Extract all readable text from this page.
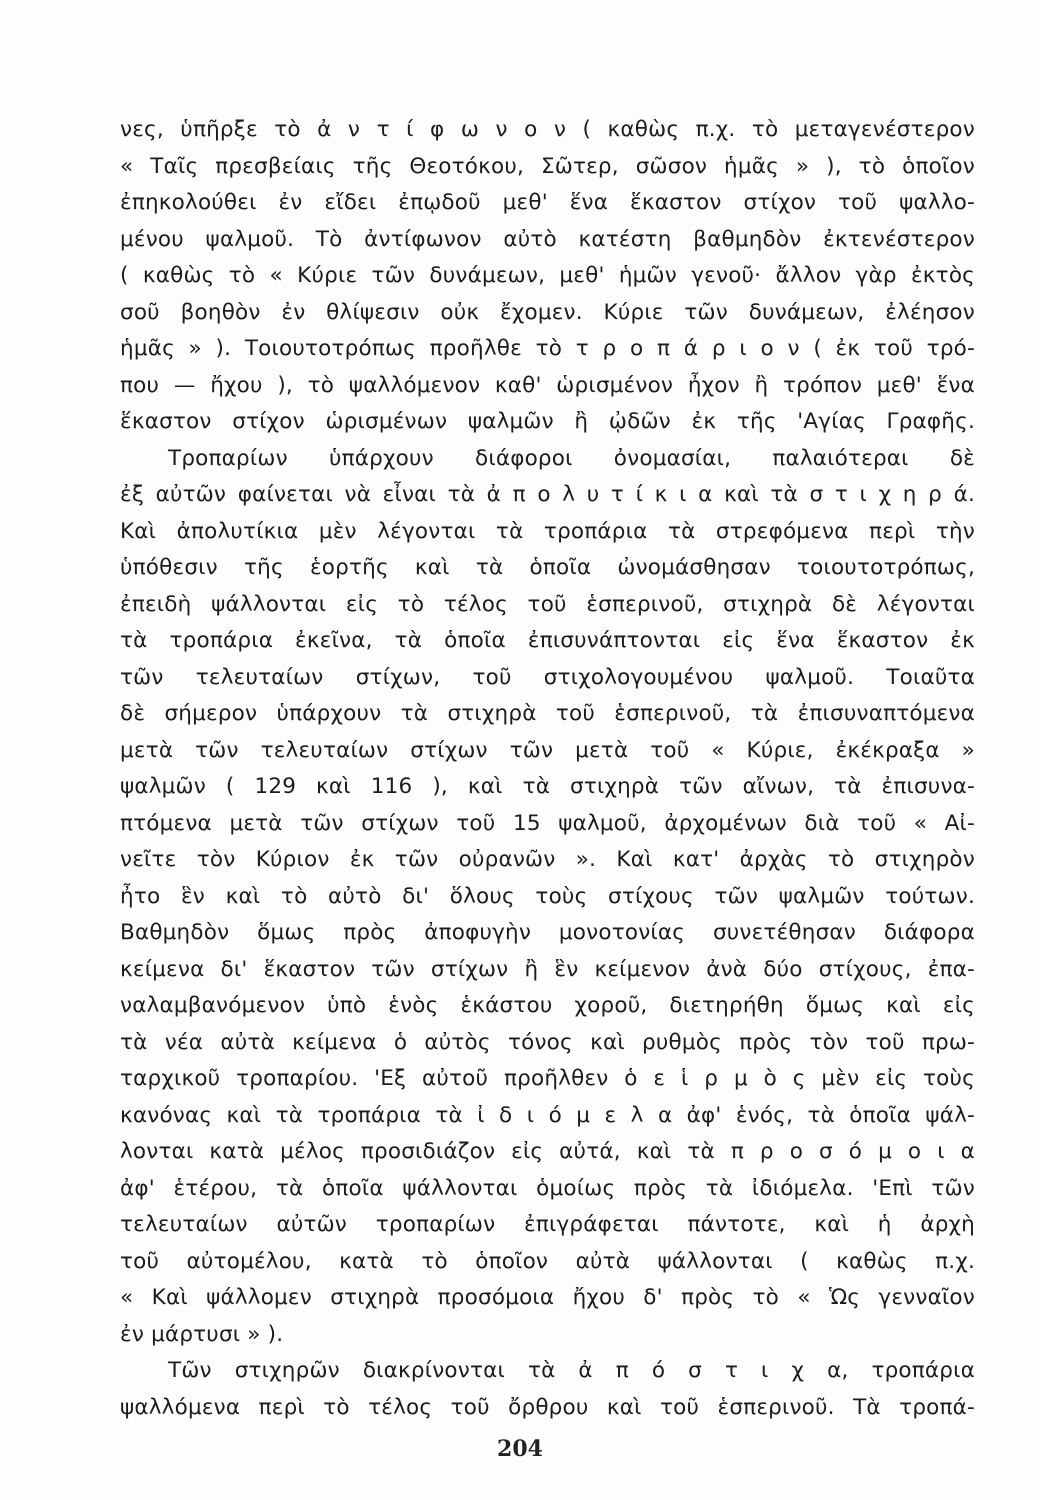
νες, ὑπῆρξε τὸ ἀ ν τ ί φ ω ν ο ν ( καθὼς π.χ. τὸ μεταγενέστερον
« Ταῖς πρεσβείαις τῆς Θεοτόκου, Σῶτερ, σῶσον ἡμᾶς » ), τὸ ὁποῖον
ἐπηκολούθει ἐν εἴδει ἐπῳδοῦ μεθ' ἕνα ἕκαστον στίχον τοῦ ψαλλο-
μένου ψαλμοῦ. Τὸ ἀντίφωνον αὐτὸ κατέστη βαθμηδὸν ἐκτενέστερον
( καθὼς τὸ « Κύριε τῶν δυνάμεων, μεθ' ἡμῶν γενοῦ· ἄλλον γὰρ ἐκτὸς
σοῦ βοηθὸν ἐν θλίψεσιν οὐκ ἔχομεν. Κύριε τῶν δυνάμεων, ἐλέησον
ἡμᾶς » ). Τοιουτοτρόπως προῆλθε τὸ τ ρ ο π ά ρ ι ο ν ( ἐκ τοῦ τρό-
που — ἤχου ), τὸ ψαλλόμενον καθ' ὡρισμένον ἦχον ἢ τρόπον μεθ' ἕνα
ἕκαστον στίχον ὡρισμένων ψαλμῶν ἢ ᾠδῶν ἐκ τῆς 'Αγίας Γραφῆς.
Τροπαρίων ὑπάρχουν διάφοροι ὀνομασίαι, παλαιότεραι δὲ
ἐξ αὐτῶν φαίνεται νὰ εἶναι τὰ ἀ π ο λ υ τ ί κ ι α καὶ τὰ σ τ ι χ η ρ ά.
Καὶ ἀπολυτίκια μὲν λέγονται τὰ τροπάρια τὰ στρεφόμενα περὶ τὴν
ὑπόθεσιν τῆς ἑορτῆς καὶ τὰ ὁποῖα ὠνομάσθησαν τοιουτοτρόπως,
ἐπειδὴ ψάλλονται εἰς τὸ τέλος τοῦ ἑσπερινοῦ, στιχηρὰ δὲ λέγονται
τὰ τροπάρια ἐκεῖνα, τὰ ὁποῖα ἐπισυνάπτονται εἰς ἕνα ἕκαστον ἐκ
τῶν τελευταίων στίχων, τοῦ στιχολογουμένου ψαλμοῦ. Τοιαῦτα
δὲ σήμερον ὑπάρχουν τὰ στιχηρὰ τοῦ ἑσπερινοῦ, τὰ ἐπισυναπτόμενα
μετὰ τῶν τελευταίων στίχων τῶν μετὰ τοῦ « Κύριε, ἐκέκραξα »
ψαλμῶν ( 129 καὶ 116 ), καὶ τὰ στιχηρὰ τῶν αἴνων, τὰ ἐπισυνα-
πτόμενα μετὰ τῶν στίχων τοῦ 15 ψαλμοῦ, ἀρχομένων διὰ τοῦ « Αἰ-
νεῖτε τὸν Κύριον ἐκ τῶν οὐρανῶν ». Καὶ κατ' ἀρχὰς τὸ στιχηρὸν
ἦτο ἓν καὶ τὸ αὐτὸ δι' ὅλους τοὺς στίχους τῶν ψαλμῶν τούτων.
Βαθμηδὸν ὅμως πρὸς ἀποφυγὴν μονοτονίας συνετέθησαν διάφορα
κείμενα δι' ἕκαστον τῶν στίχων ἢ ἓν κείμενον ἀνὰ δύο στίχους, ἐπα-
ναλαμβανόμενον ὑπὸ ἑνὸς ἑκάστου χοροῦ, διετηρήθη ὅμως καὶ εἰς
τὰ νέα αὐτὰ κείμενα ὁ αὐτὸς τόνος καὶ ρυθμὸς πρὸς τὸν τοῦ πρω-
ταρχικοῦ τροπαρίου. 'Εξ αὐτοῦ προῆλθεν ὁ ε ἱ ρ μ ὸ ς μὲν εἰς τοὺς
κανόνας καὶ τὰ τροπάρια τὰ ἰ δ ι ό μ ε λ α ἀφ' ἑνός, τὰ ὁποῖα ψάλ-
λονται κατὰ μέλος προσιδιάζον εἰς αὐτά, καὶ τὰ π ρ ο σ ό μ ο ι α
ἀφ' ἑτέρου, τὰ ὁποῖα ψάλλονται ὁμοίως πρὸς τὰ ἰδιόμελα. 'Επὶ τῶν
τελευταίων αὐτῶν τροπαρίων ἐπιγράφεται πάντοτε, καὶ ἡ ἀρχὴ
τοῦ αὐτομέλου, κατὰ τὸ ὁποῖον αὐτὰ ψάλλονται ( καθὼς π.χ.
« Καὶ ψάλλομεν στιχηρὰ προσόμοια ἤχου δ' πρὸς τὸ « Ὡς γενναῖον
ἐν μάρτυσι » ).
Τῶν στιχηρῶν διακρίνονται τὰ ἀ π ό σ τ ι χ α, τροπάρια
ψαλλόμενα περὶ τὸ τέλος τοῦ ὄρθρου καὶ τοῦ ἑσπερινοῦ. Τὰ τροπά-
204
